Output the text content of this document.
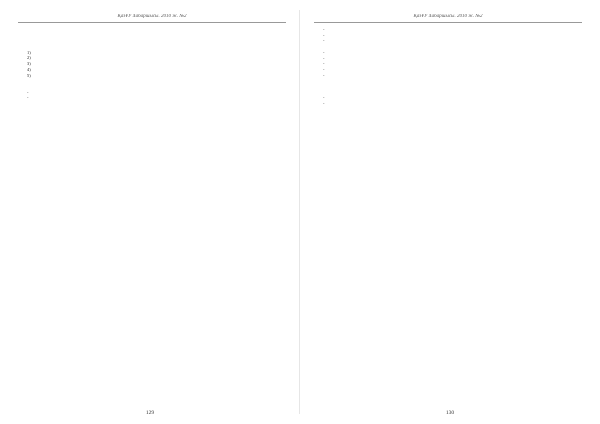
ҚазҰУ Хабаршысы. 2010 ж. №2

1)
2)
3)
4)
5)

-
-
129
ҚазҰУ Хабаршысы. 2010 ж. №2
-
-
-

-
-
-
-
-

-
-

130
